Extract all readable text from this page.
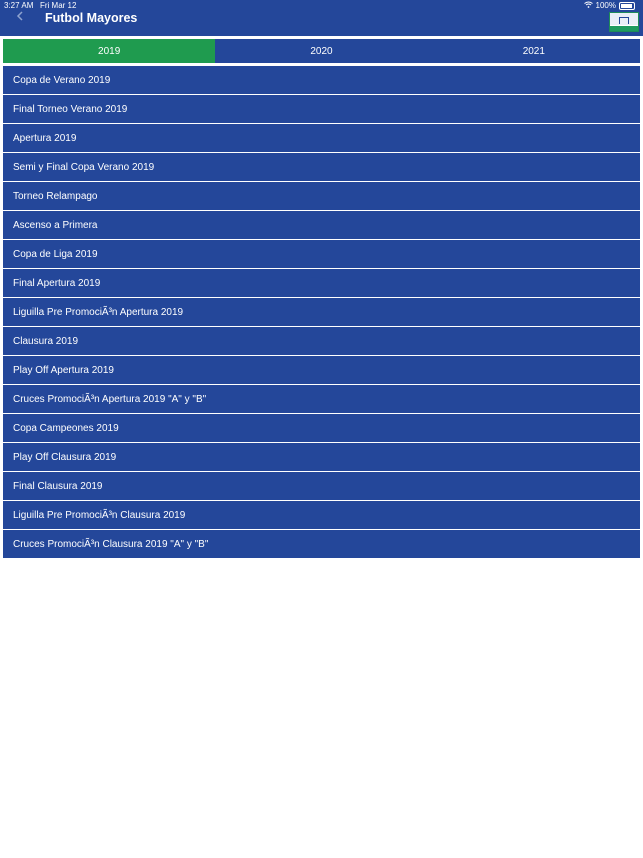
3:27 AM Fri Mar 12	100%
Futbol Mayores
2019	2020	2021
Copa de Verano 2019
Final Torneo Verano 2019
Apertura 2019
Semi y Final Copa Verano 2019
Torneo Relampago
Ascenso a Primera
Copa de Liga 2019
Final Apertura 2019
Liguilla Pre PromociÃ³n Apertura 2019
Clausura 2019
Play Off Apertura 2019
Cruces PromociÃ³n Apertura 2019 "A" y "B"
Copa Campeones 2019
Play Off Clausura 2019
Final Clausura 2019
Liguilla Pre PromociÃ³n Clausura 2019
Cruces PromociÃ³n Clausura 2019 "A" y "B"
